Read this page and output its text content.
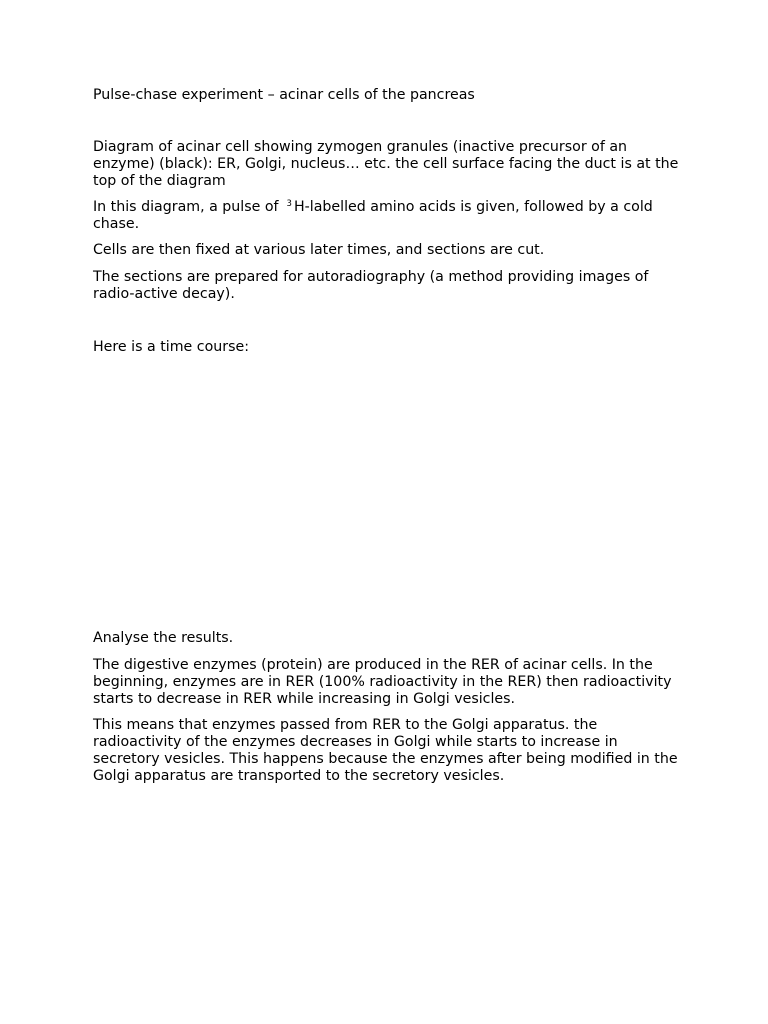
Pulse-chase experiment – acinar cells of the pancreas

Diagram of acinar cell showing zymogen granules (inactive precursor of an enzyme) (black): ER, Golgi, nucleus… etc. the cell surface facing the duct is at the top of the diagram

In this diagram, a pulse of $^3$ H-labelled amino acids is given, followed by a cold chase.

Cells are then fixed at various later times, and sections are cut.

The sections are prepared for autoradiography (a method providing images of radio-active decay).

Here is a time course:

Analyse the results.

The digestive enzymes (protein) are produced in the RER of acinar cells. In the beginning, enzymes are in RER (100% radioactivity in the RER) then radioactivity starts to decrease in RER while increasing in Golgi vesicles.

This means that enzymes passed from RER to the Golgi apparatus. the radioactivity of the enzymes decreases in Golgi while starts to increase in secretory vesicles. This happens because the enzymes after being modified in the Golgi apparatus are transported to the secretory vesicles.
